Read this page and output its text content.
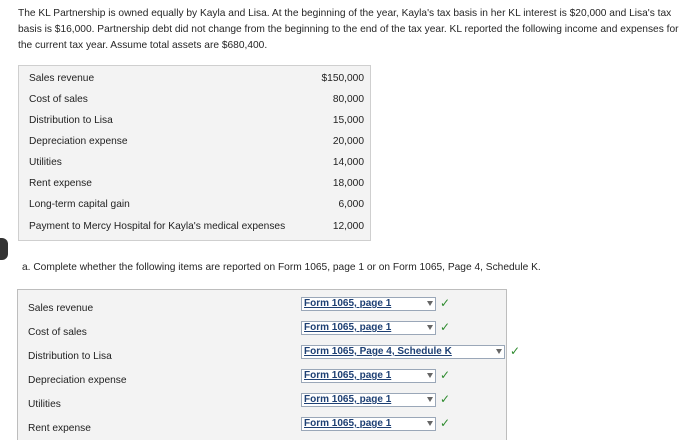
The KL Partnership is owned equally by Kayla and Lisa. At the beginning of the year, Kayla's tax basis in her KL interest is $20,000 and Lisa's tax basis is $16,000. Partnership debt did not change from the beginning to the end of the tax year. KL reported the following income and expenses for the current tax year. Assume total assets are $680,400.
Sales revenue	$150,000
Cost of sales	80,000
Distribution to Lisa	15,000
Depreciation expense	20,000
Utilities	14,000
Rent expense	18,000
Long-term capital gain	6,000
Payment to Mercy Hospital for Kayla's medical expenses	12,000
a. Complete whether the following items are reported on Form 1065, page 1 or on Form 1065, Page 4, Schedule K.
Sales revenue	Form 1065, page 1	✓
Cost of sales	Form 1065, page 1	✓
Distribution to Lisa	Form 1065, Page 4, Schedule K	✓
Depreciation expense	Form 1065, page 1	✓
Utilities	Form 1065, page 1	✓
Rent expense	Form 1065, page 1	✓
